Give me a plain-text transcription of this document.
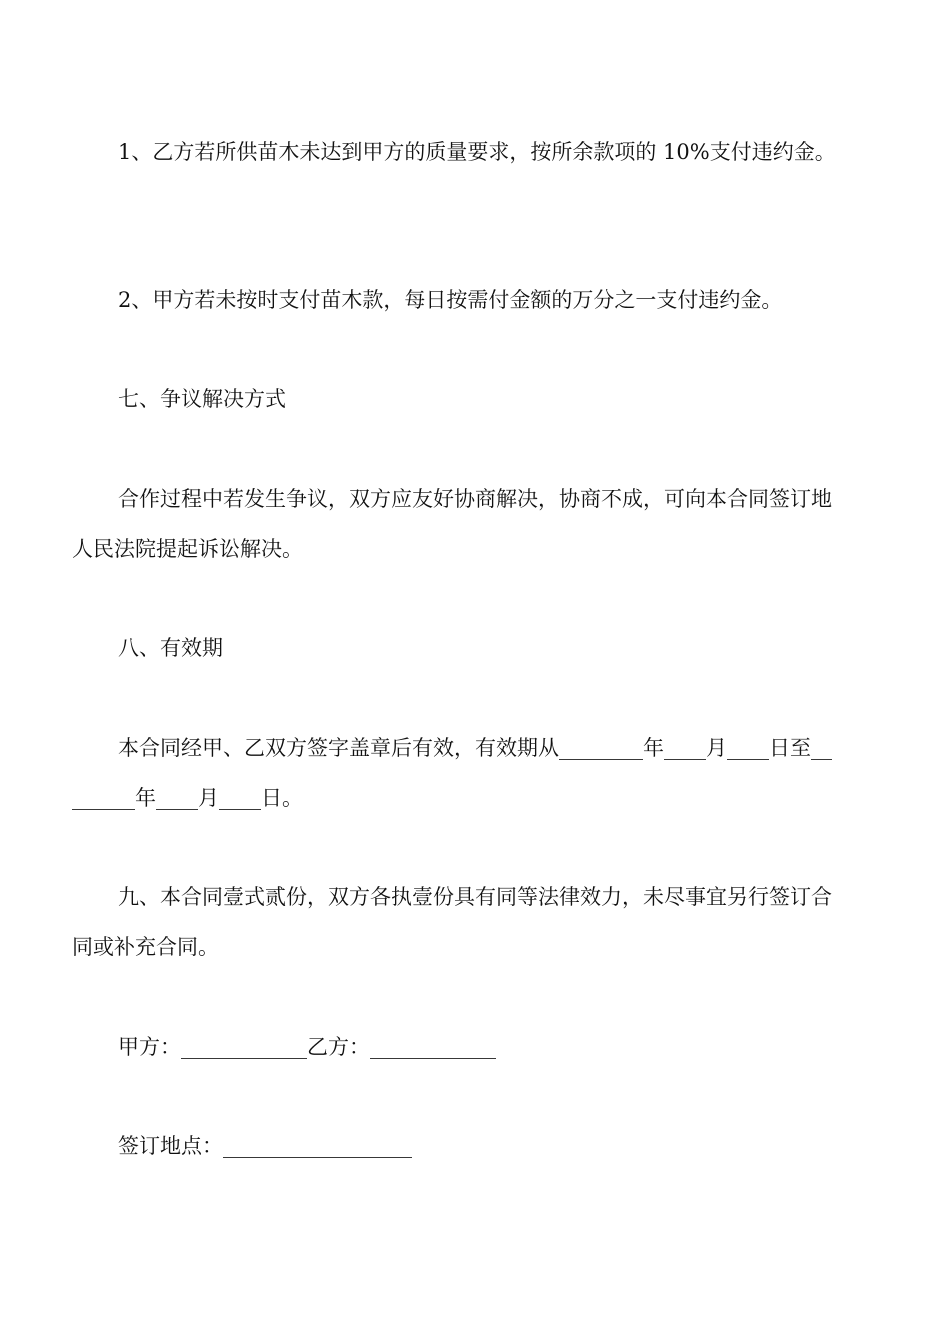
1、乙方若所供苗木未达到甲方的质量要求，按所余款项的 10%支付违约金。

2、甲方若未按时支付苗木款，每日按需付金额的万分之一支付违约金。

七、争议解决方式

合作过程中若发生争议，双方应友好协商解决，协商不成，可向本合同签订地

人民法院提起诉讼解决。

八、有效期

本合同经甲、乙双方签字盖章后有效，有效期从________年____月____日至__

______年____月____日。

九、本合同壹式贰份，双方各执壹份具有同等法律效力，未尽事宜另行签订合

同或补充合同。

甲方：____________乙方：____________

签订地点：__________________
